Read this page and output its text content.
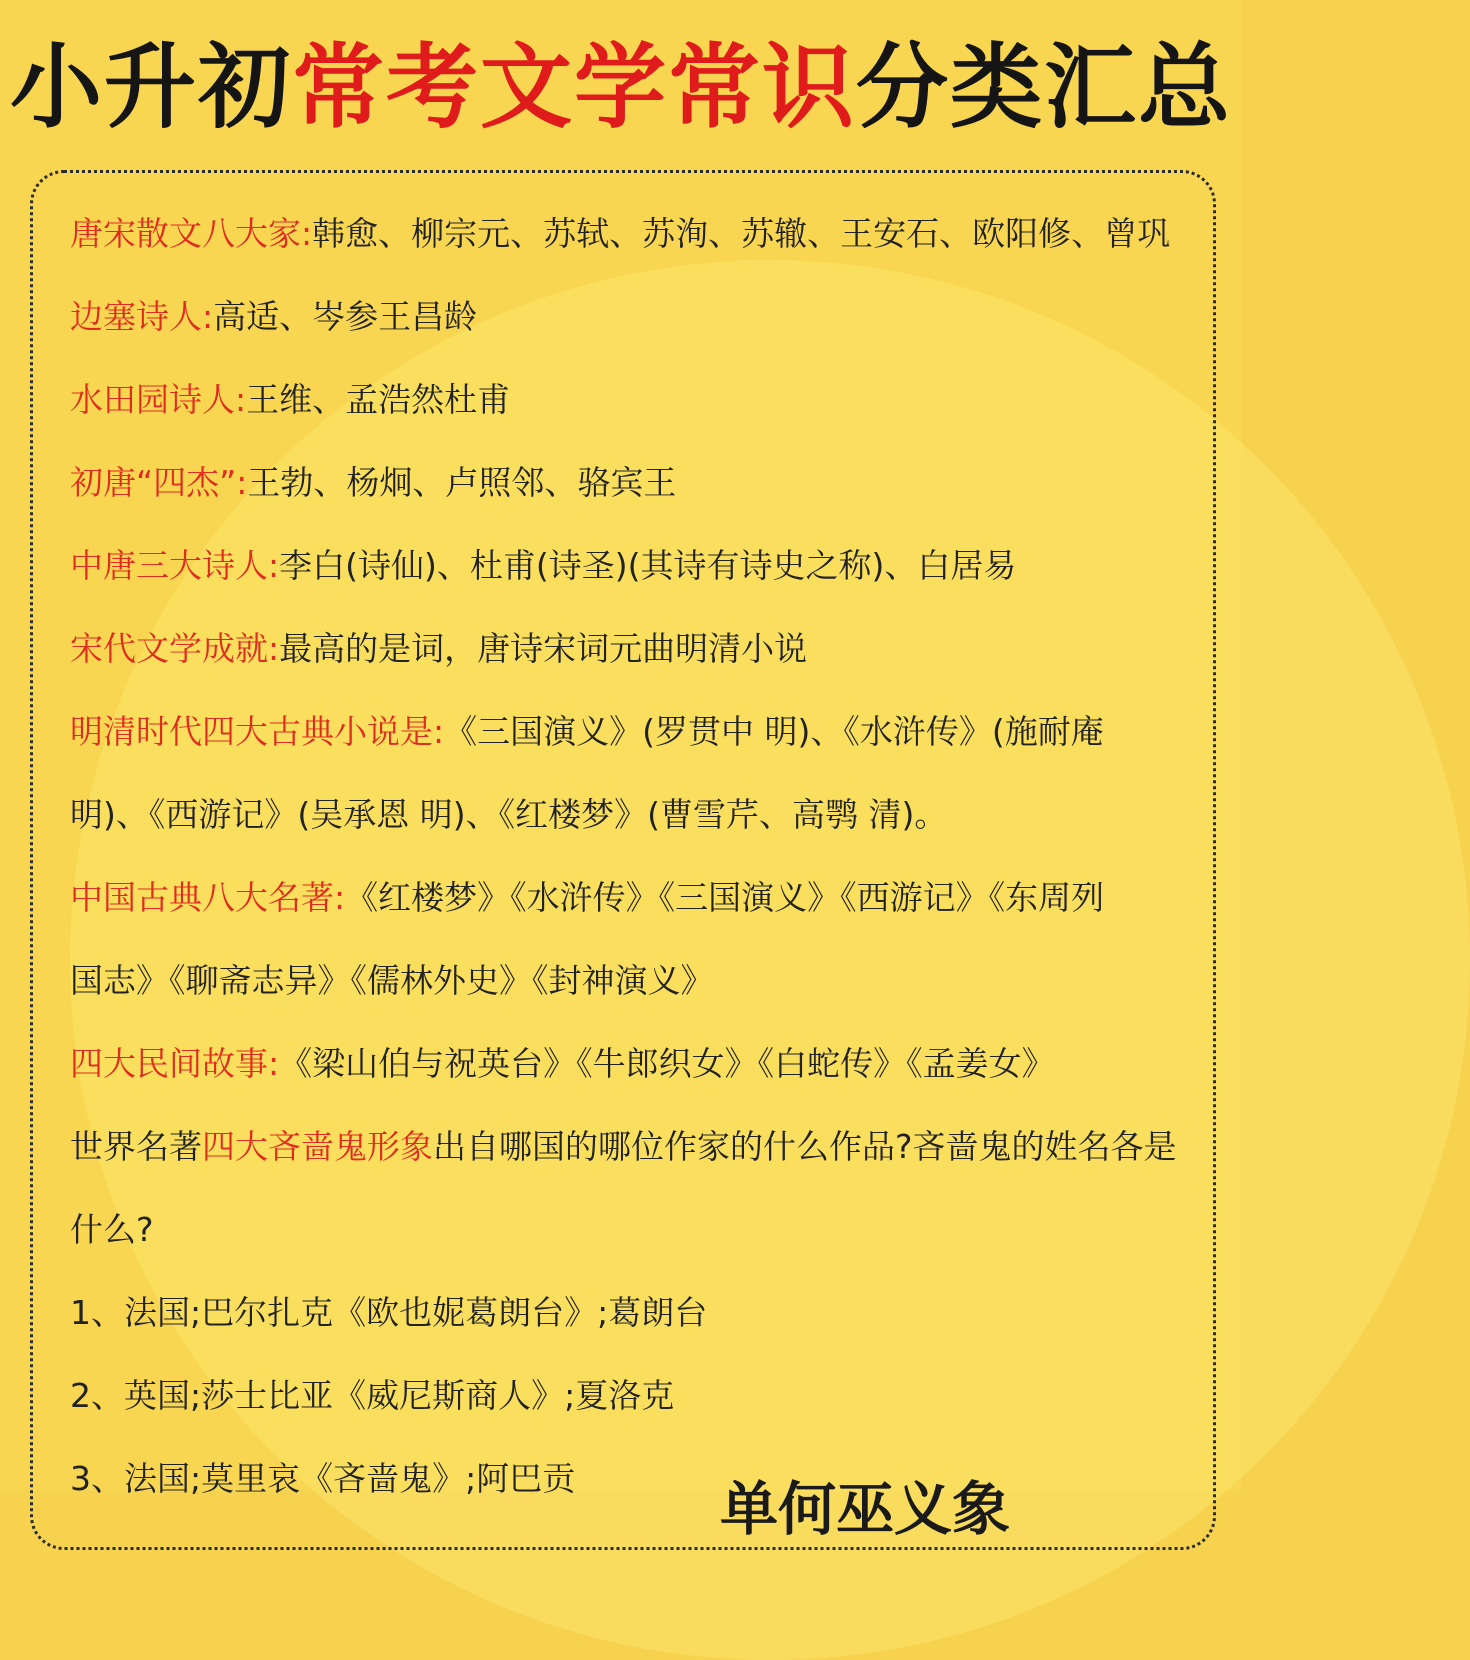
小升初常考文学常识分类汇总
唐宋散文八大家:韩愈、柳宗元、苏轼、苏洵、苏辙、王安石、欧阳修、曾巩
边塞诗人:高适、岑参王昌龄
水田园诗人:王维、孟浩然杜甫
初唐“四杰”:王勃、杨炯、卢照邻、骆宾王
中唐三大诗人:李白(诗仙)、杜甫(诗圣)(其诗有诗史之称)、白居易
宋代文学成就:最高的是词，唐诗宋词元曲明清小说
明清时代四大古典小说是:《三国演义》(罗贯中 明)、《水浒传》(施耐庵
明)、《西游记》(吴承恩 明)、《红楼梦》(曹雪芹、高鹗 清)。
中国古典八大名著:《红楼梦》《水浒传》《三国演义》《西游记》《东周列
国志》《聊斋志异》《儒林外史》《封神演义》
四大民间故事:《梁山伯与祝英台》《牛郎织女》《白蛇传》《孟姜女》
世界名著四大吝啬鬼形象出自哪国的哪位作家的什么作品?吝啬鬼的姓名各是
什么?
1、法国;巴尔扎克《欧也妮葛朗台》;葛朗台
2、英国;莎士比亚《威尼斯商人》;夏洛克
3、法国;莫里哀《吝啬鬼》;阿巴贡	单何巫义象
